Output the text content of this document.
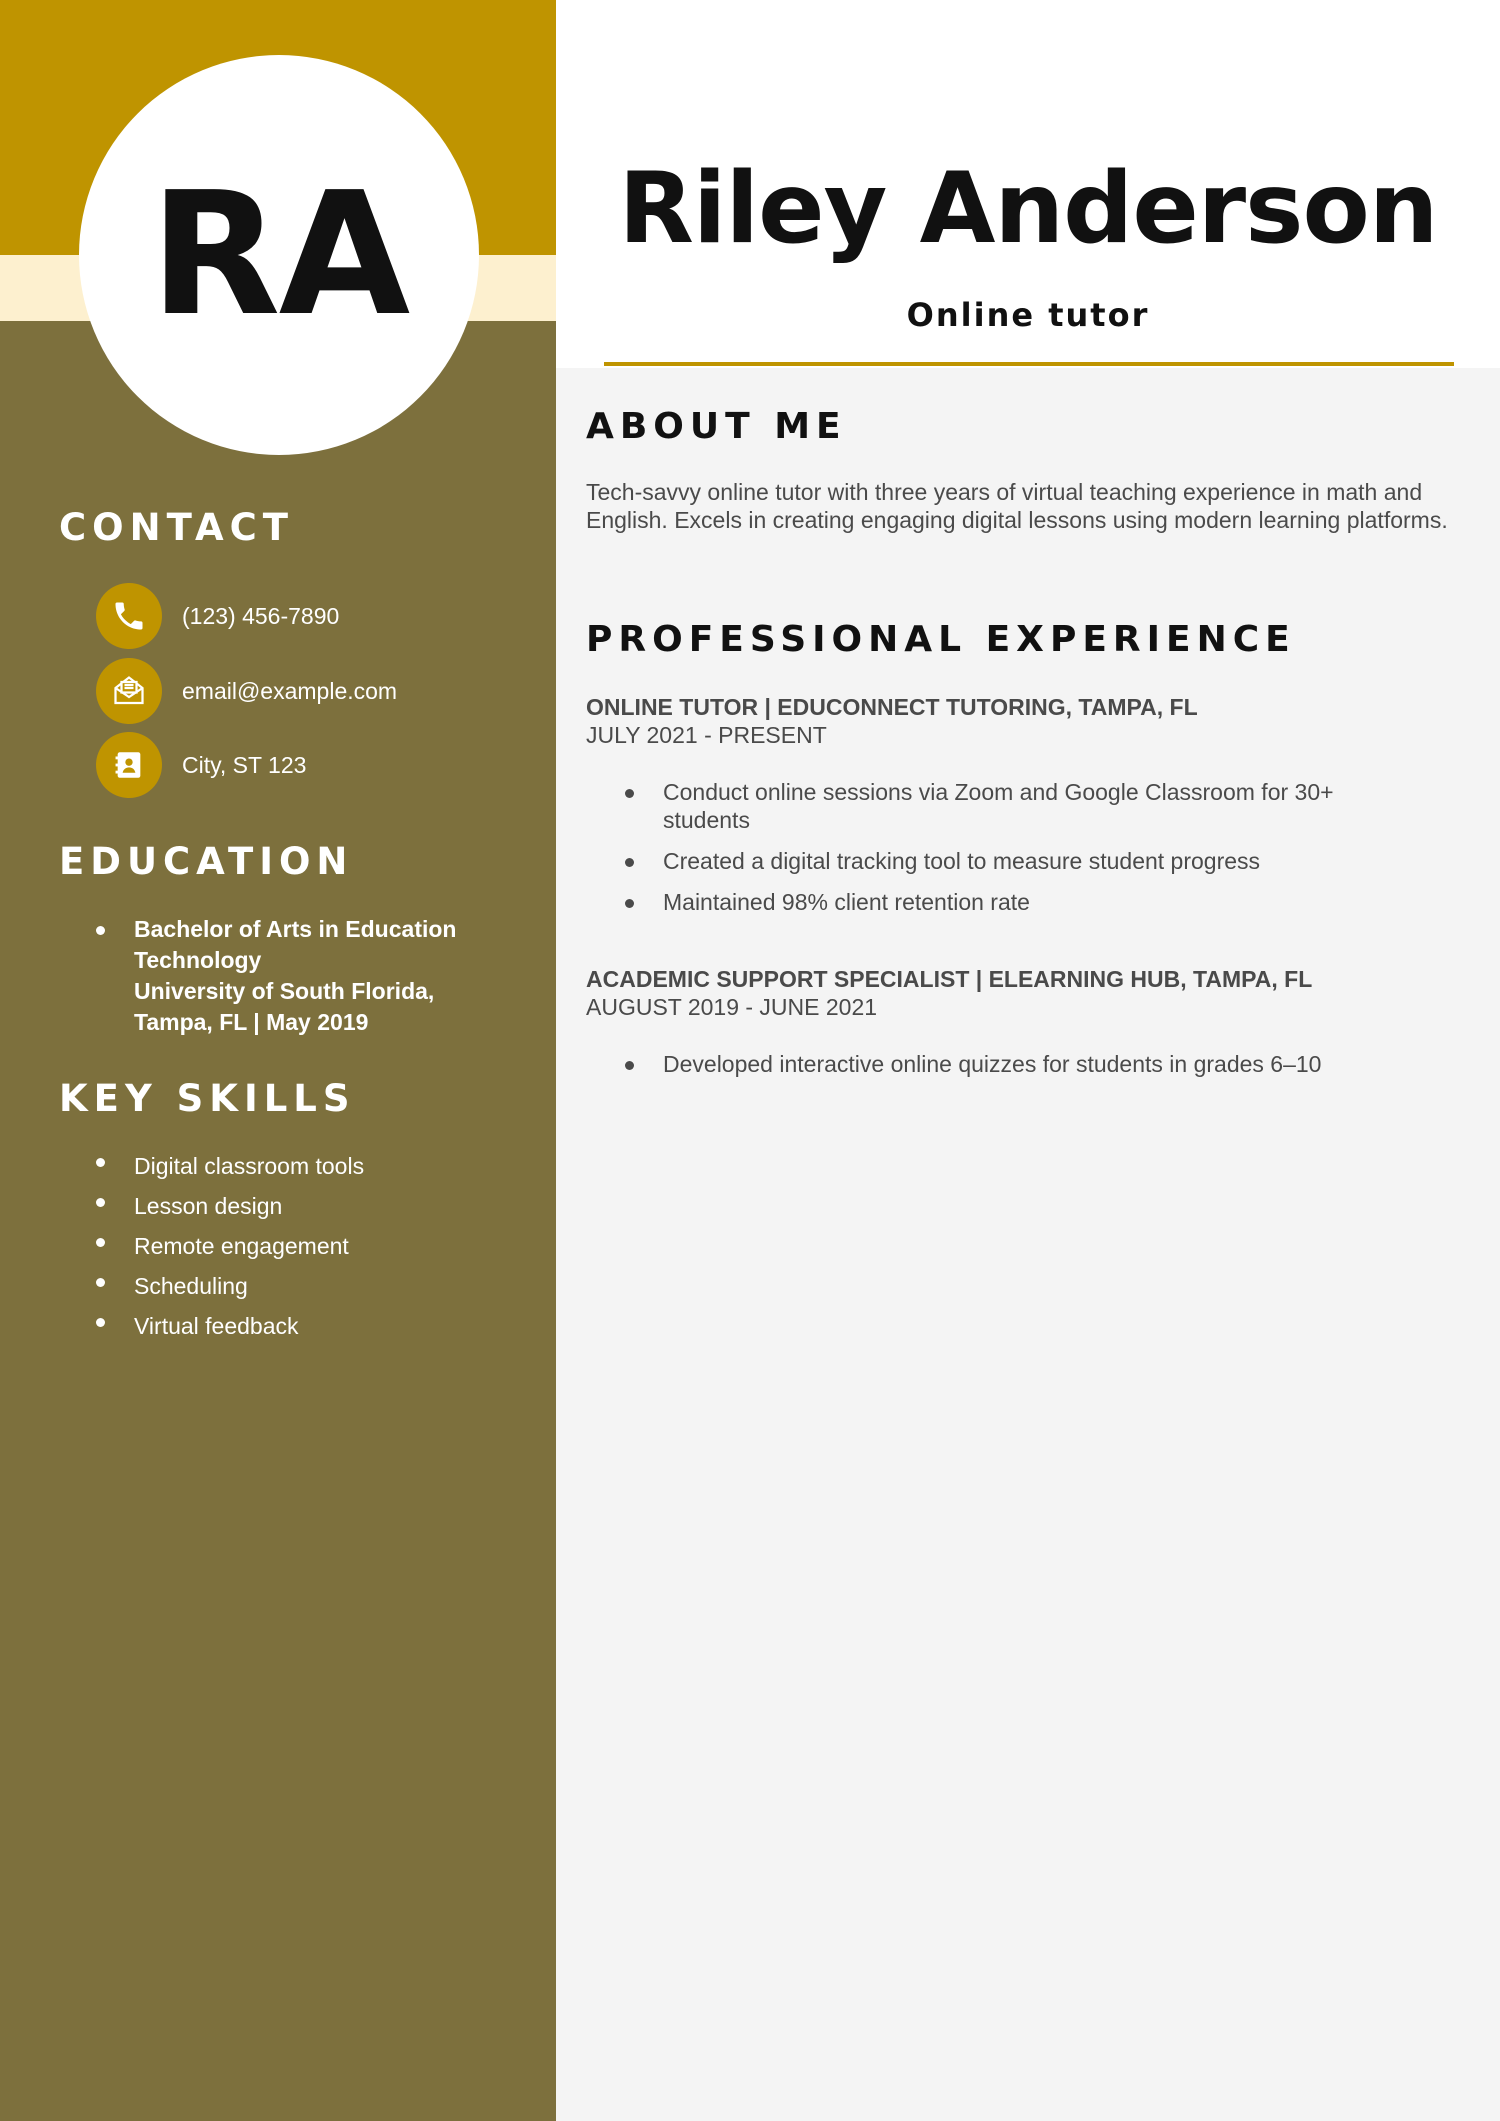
RA
CONTACT
(123) 456-7890
email@example.com
City, ST 123
EDUCATION
Bachelor of Arts in Education Technology
University of South Florida, Tampa, FL | May 2019
KEY SKILLS
Digital classroom tools
Lesson design
Remote engagement
Scheduling
Virtual feedback
Riley Anderson
Online tutor
ABOUT ME

Tech-savvy online tutor with three years of virtual teaching experience in math and English. Excels in creating engaging digital lessons using modern learning platforms.

PROFESSIONAL EXPERIENCE
ONLINE TUTOR | EDUCONNECT TUTORING, TAMPA, FL
JULY 2021 - PRESENT
Conduct online sessions via Zoom and Google Classroom for 30+ students
Created a digital tracking tool to measure student progress
Maintained 98% client retention rate
ACADEMIC SUPPORT SPECIALIST | ELEARNING HUB, TAMPA, FL
AUGUST 2019 - JUNE 2021
Developed interactive online quizzes for students in grades 6–10
